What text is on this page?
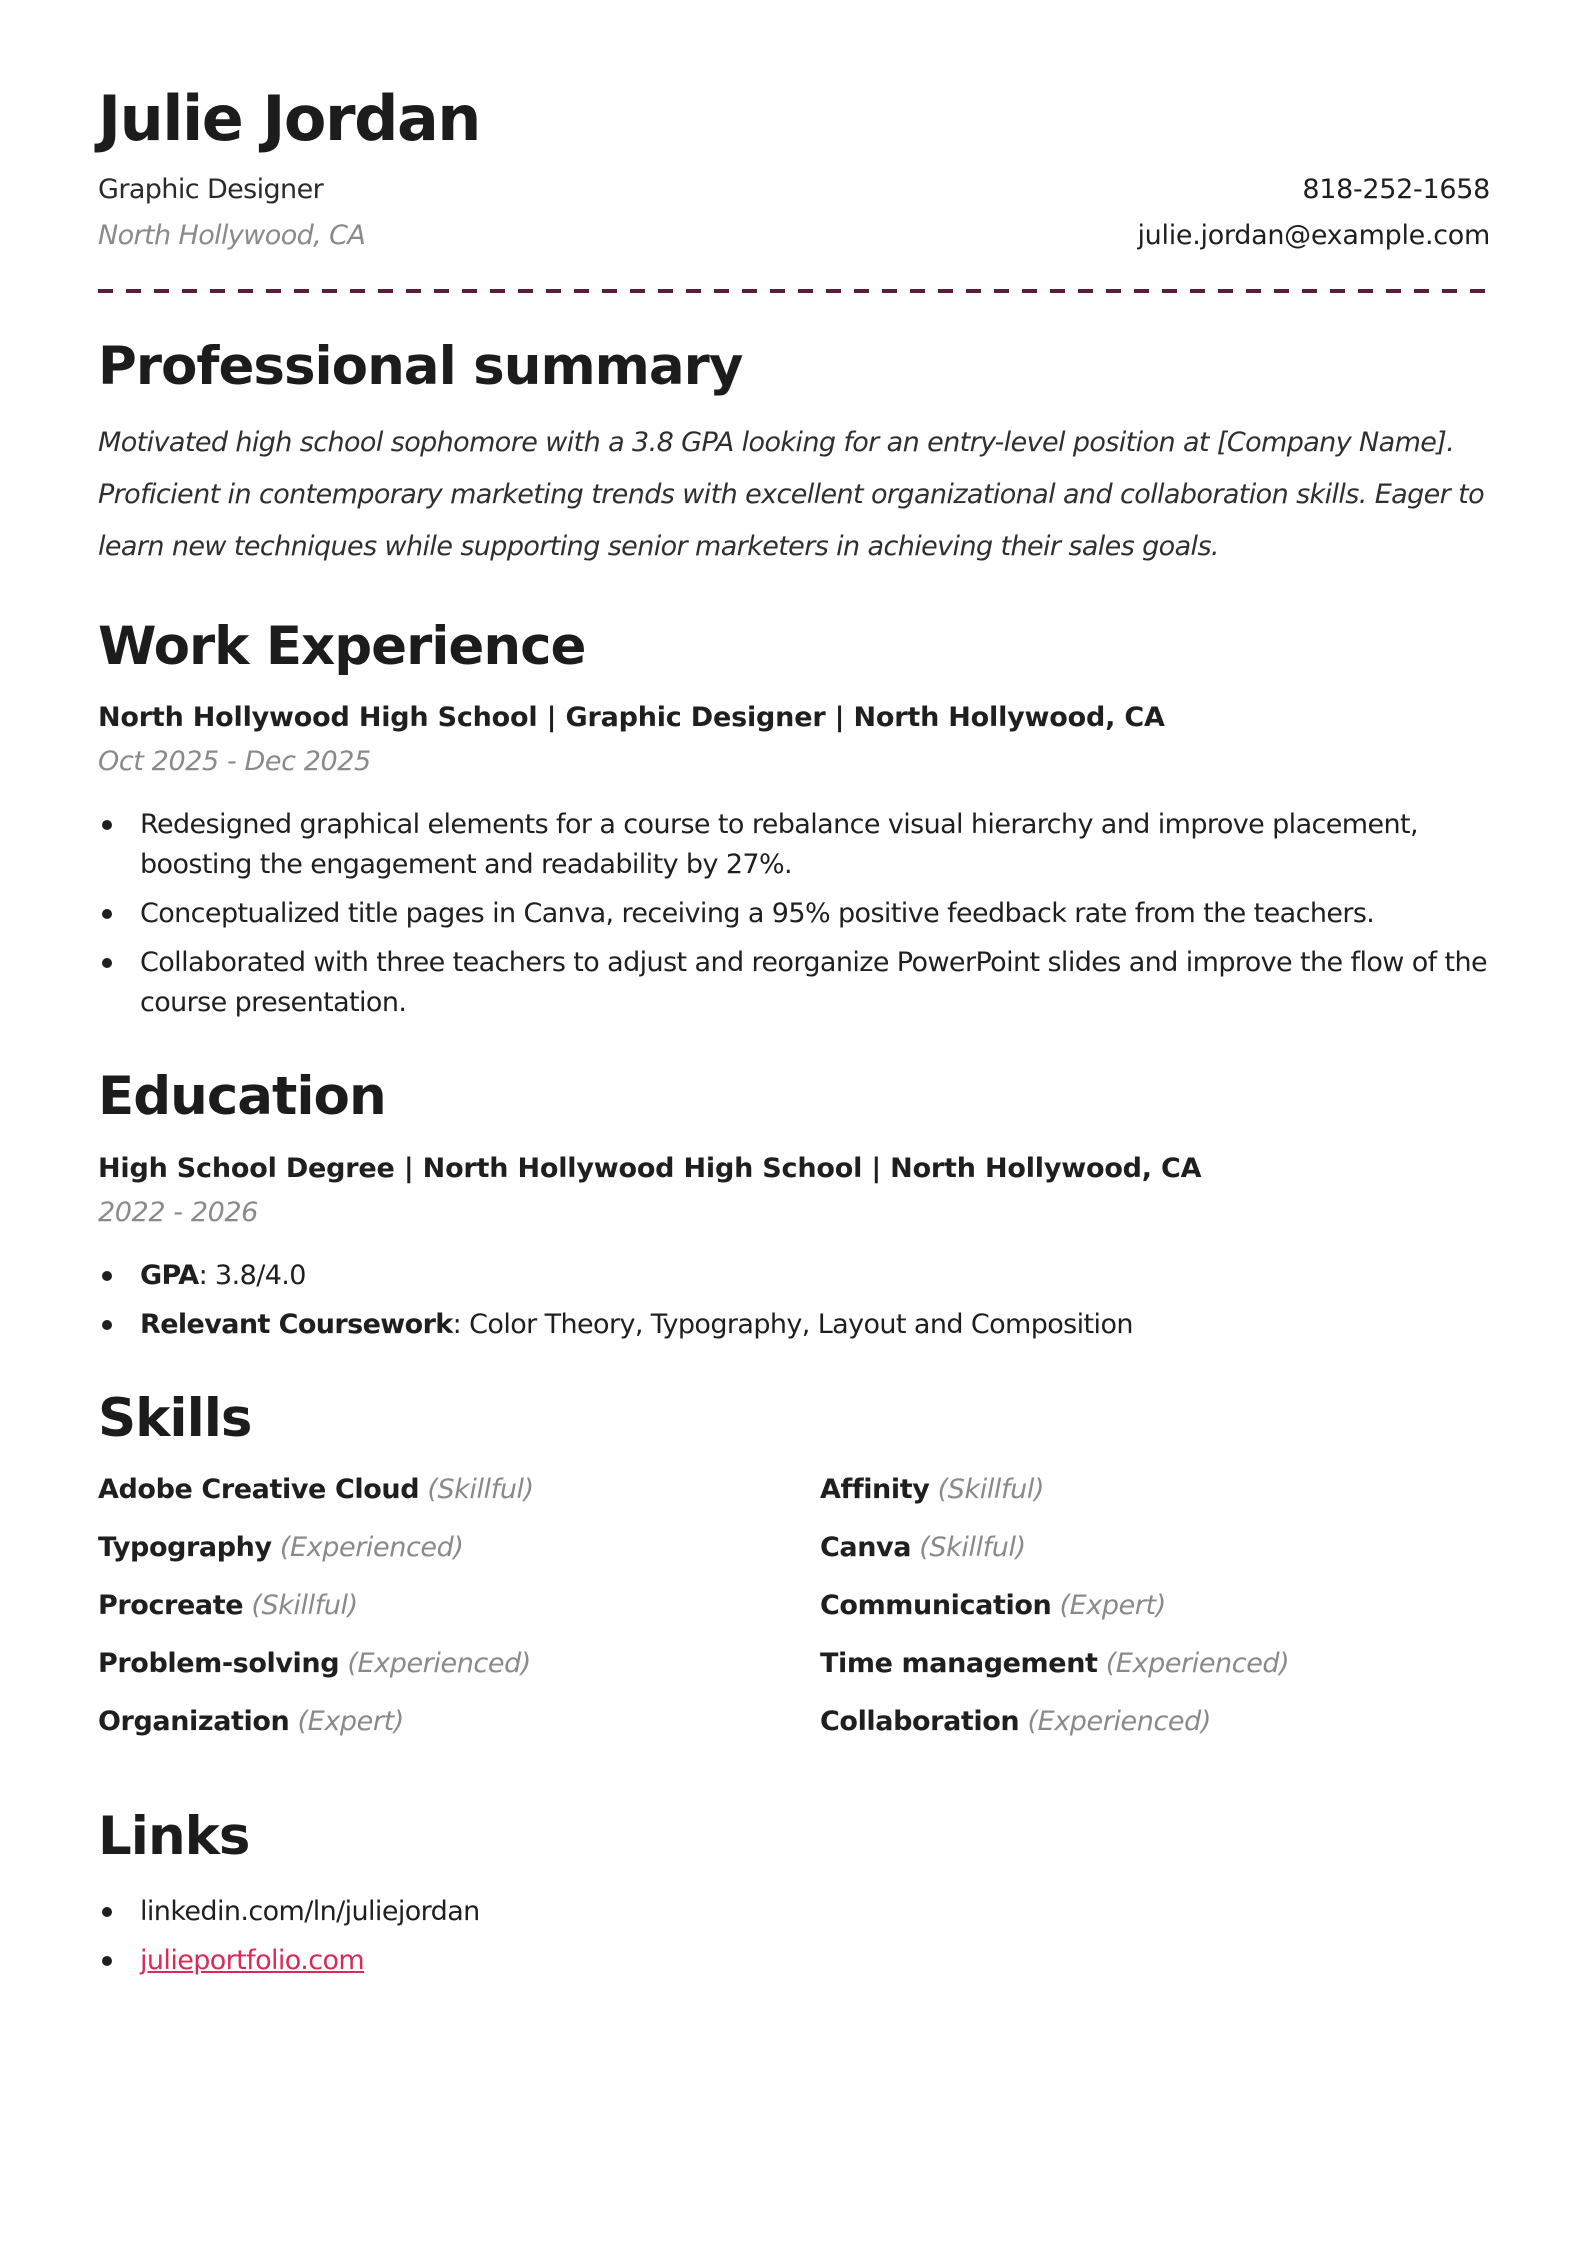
Julie Jordan
Graphic Designer
North Hollywood, CA
818-252-1658
julie.jordan@example.com
Professional summary

Motivated high school sophomore with a 3.8 GPA looking for an entry-level position at [Company Name]. Proficient in contemporary marketing trends with excellent organizational and collaboration skills. Eager to learn new techniques while supporting senior marketers in achieving their sales goals.

Work Experience
North Hollywood High School | Graphic Designer | North Hollywood, CA
Oct 2025 - Dec 2025
Redesigned graphical elements for a course to rebalance visual hierarchy and improve placement, boosting the engagement and readability by 27%.
Conceptualized title pages in Canva, receiving a 95% positive feedback rate from the teachers.
Collaborated with three teachers to adjust and reorganize PowerPoint slides and improve the flow of the course presentation.
Education
High School Degree | North Hollywood High School | North Hollywood, CA
2022 - 2026
GPA: 3.8/4.0
Relevant Coursework: Color Theory, Typography, Layout and Composition
Skills
Adobe Creative Cloud (Skillful)
Typography (Experienced)
Procreate (Skillful)
Problem-solving (Experienced)
Organization (Expert)
Affinity (Skillful)
Canva (Skillful)
Communication (Expert)
Time management (Experienced)
Collaboration (Experienced)
Links
linkedin.com/ln/juliejordan
julieportfolio.com
